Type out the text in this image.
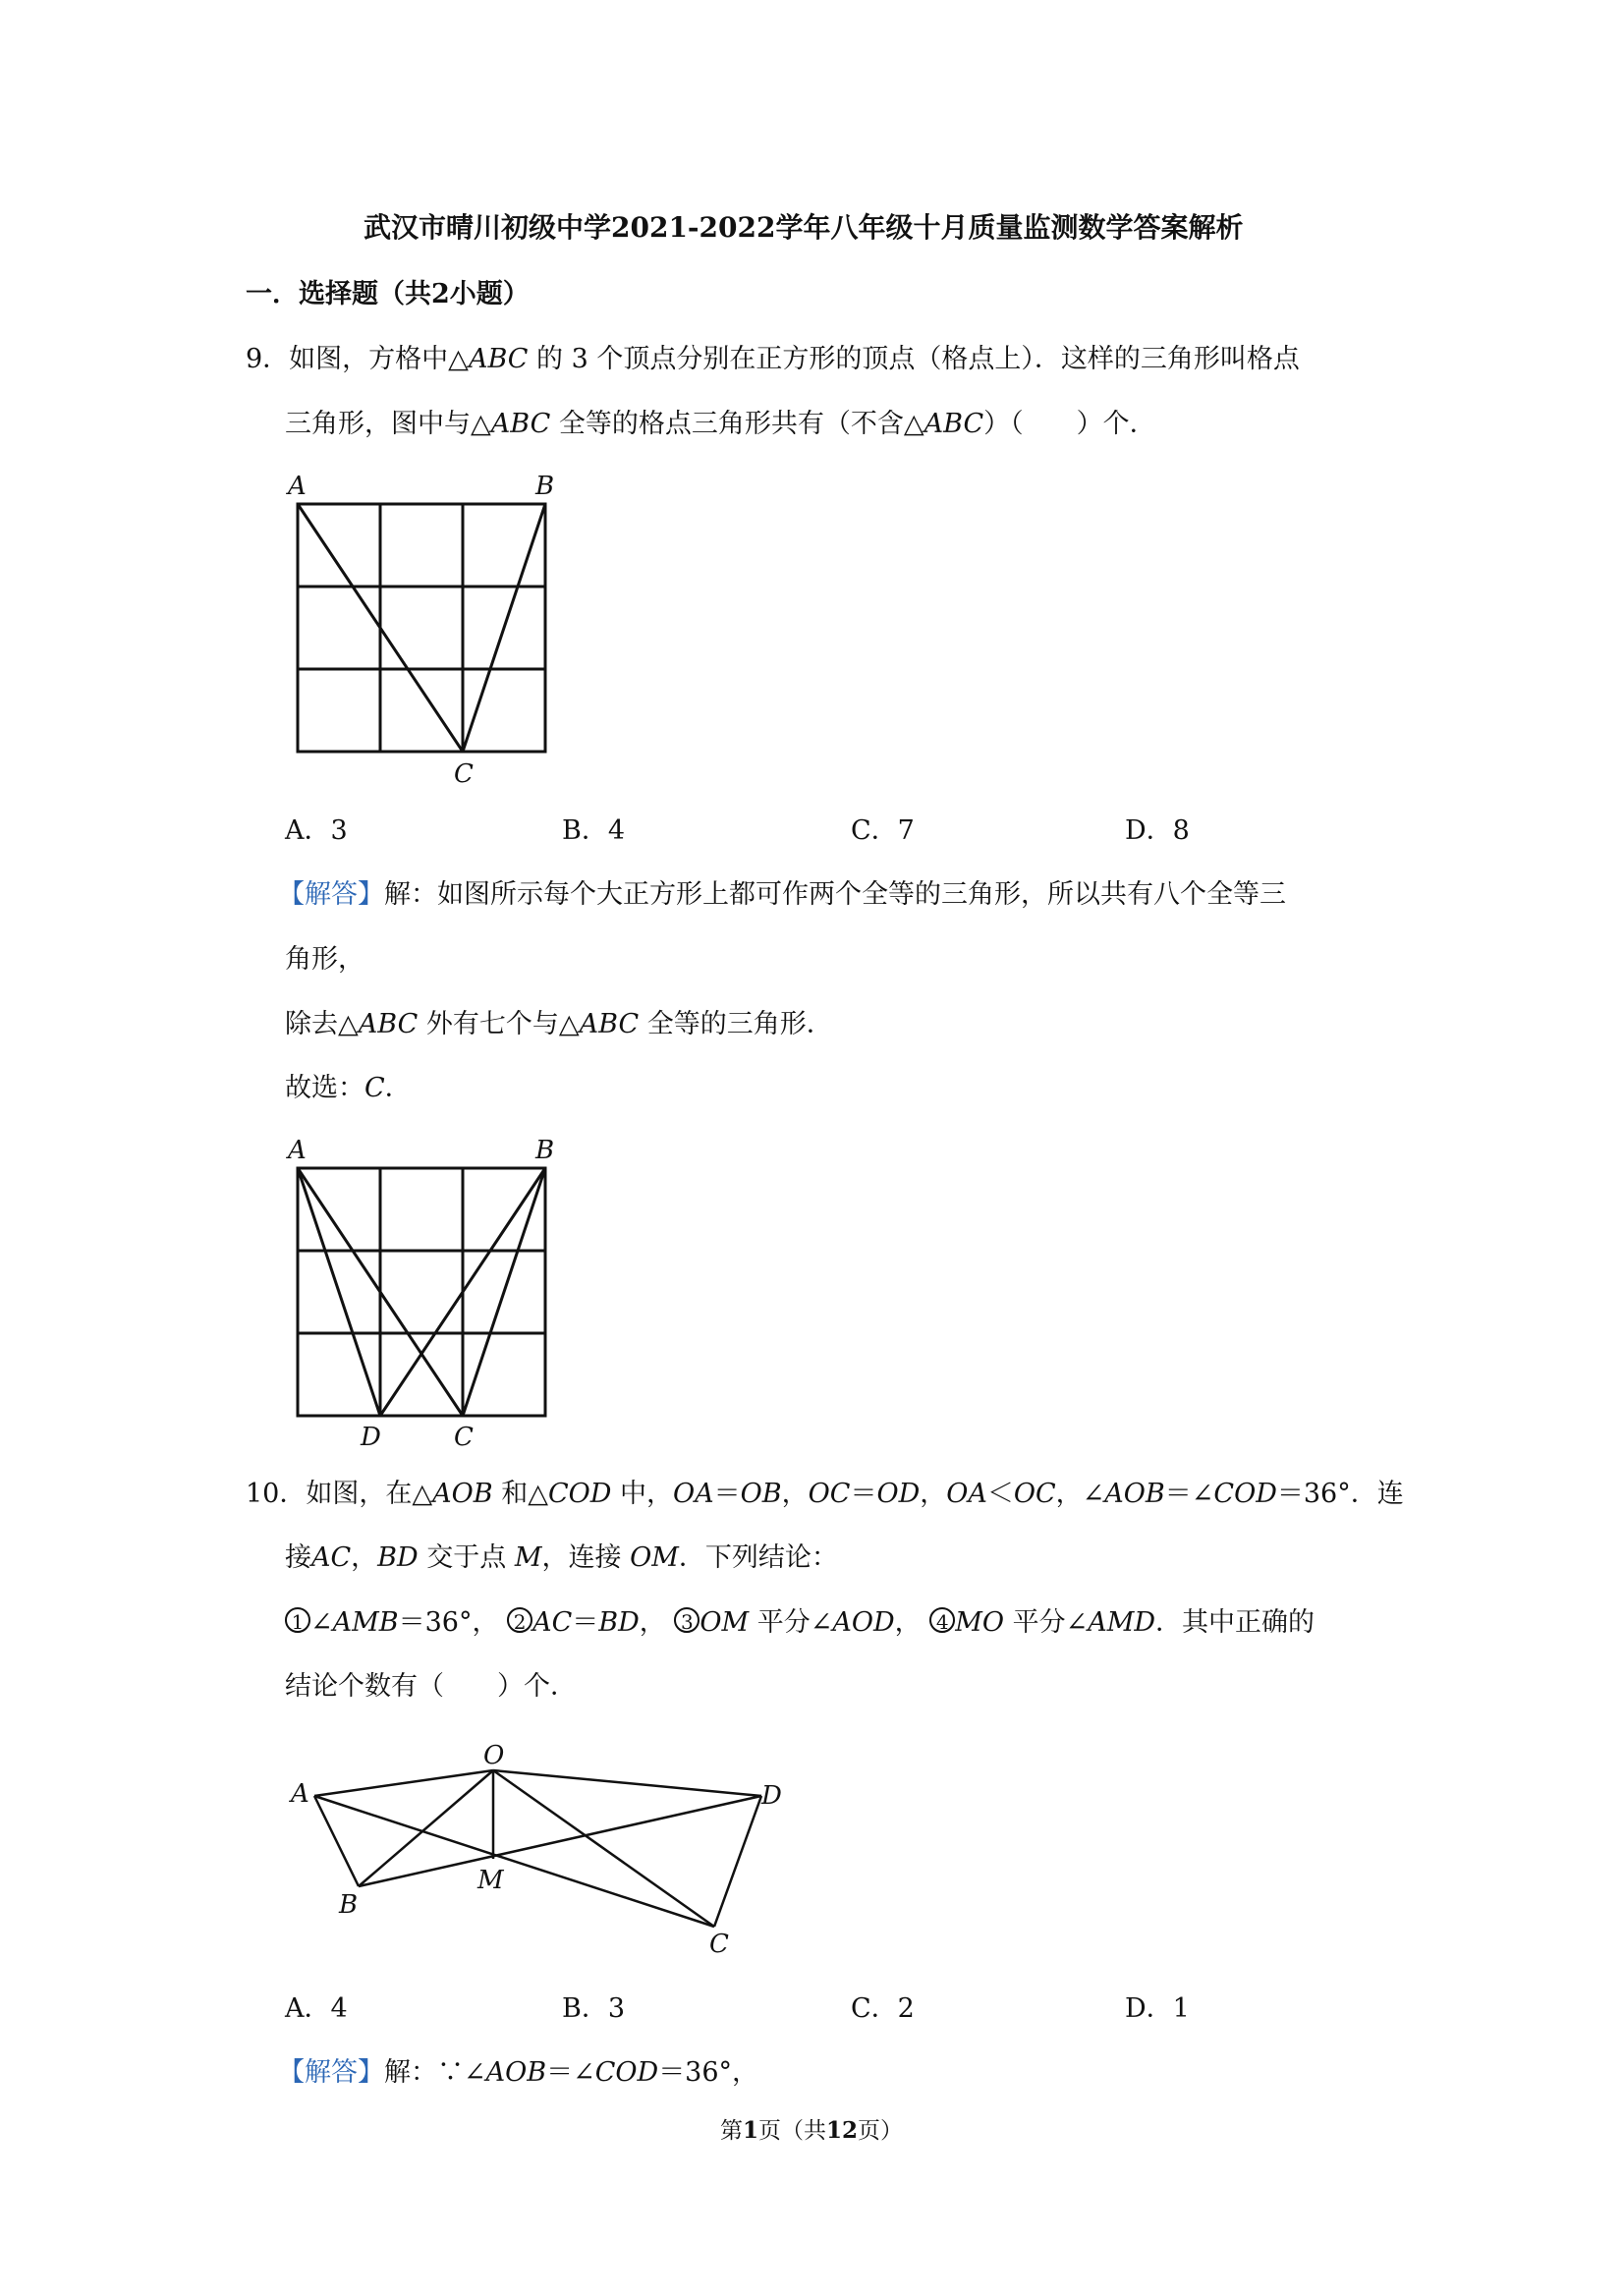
武汉市晴川初级中学2021-2022学年八年级十月质量监测数学答案解析
一．选择题（共2小题）
9．如图，方格中△ABC 的 3 个顶点分别在正方形的顶点（格点上）．这样的三角形叫格点
三角形，图中与△ABC 全等的格点三角形共有（不含△ABC）（　　）个．
A	B
C
A．3	B．4	C．7	D．8
【解答】解：如图所示每个大正方形上都可作两个全等的三角形，所以共有八个全等三
角形，
除去△ABC 外有七个与△ABC 全等的三角形．
故选：C．
A	B
D	C
10．如图，在△AOB 和△COD 中，OA＝OB，OC＝OD，OA＜OC，∠AOB＝∠COD＝36°．连
接AC，BD 交于点 M，连接 OM．下列结论：
1 ∠AMB＝36°， 2 AC＝BD， 3 OM 平分∠AOD， 4 MO 平分∠AMD．其中正确的
结论个数有（　　）个．
O
A	D
B
M
C
A．4	B．3	C．2	D．1
【解答】解：∵∠AOB＝∠COD＝36°，
第1页（共12页）
